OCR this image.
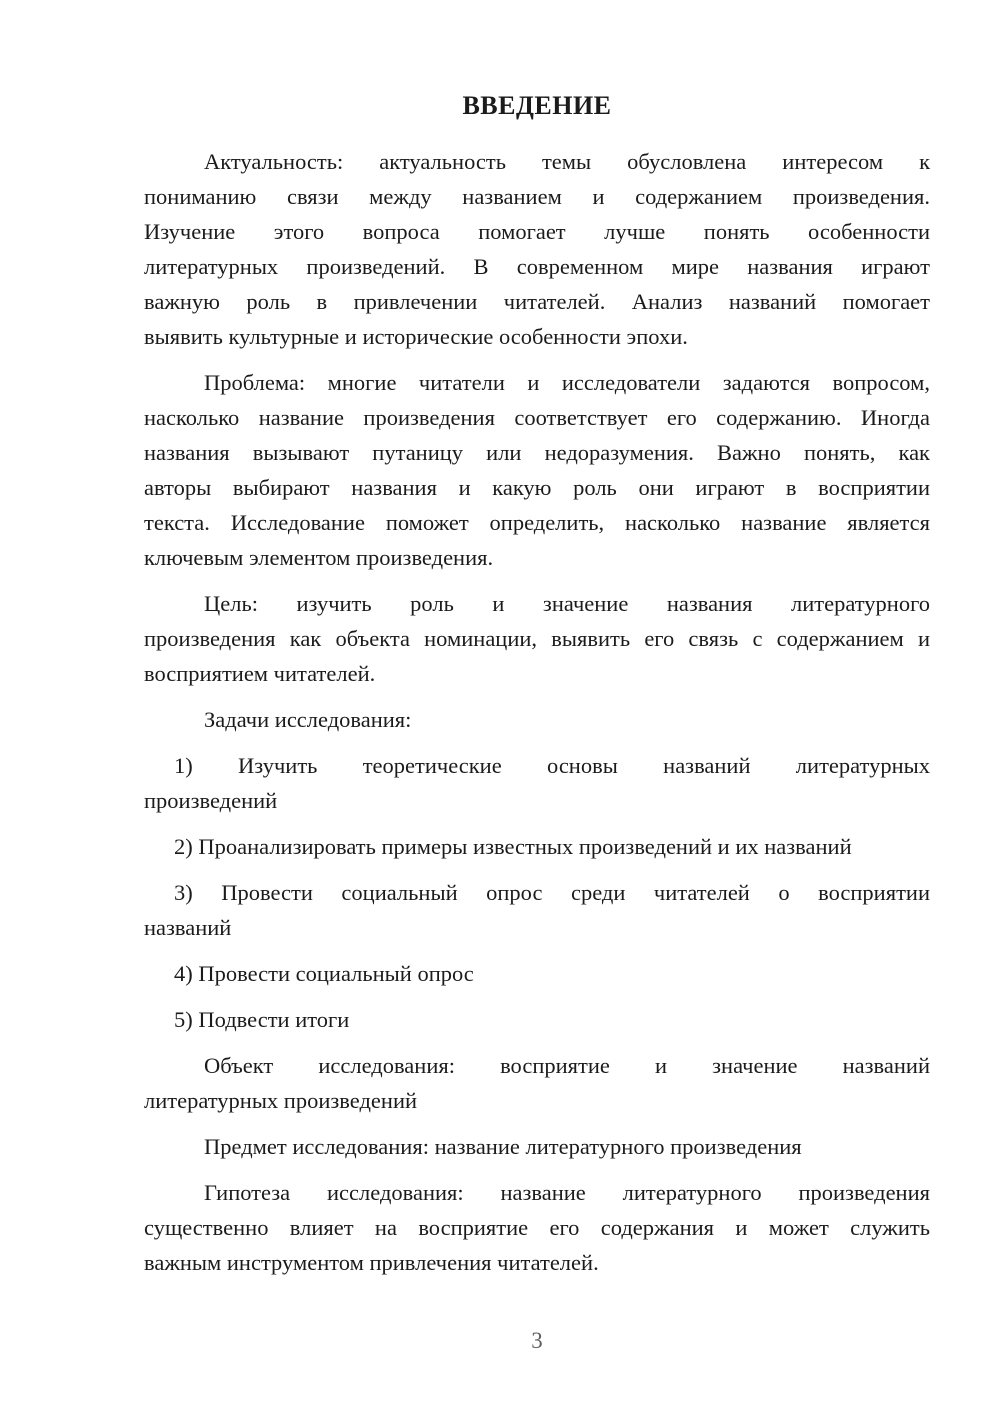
ВВЕДЕНИЕ
Актуальность: актуальность темы обусловлена интересом к
пониманию связи между названием и содержанием произведения.
Изучение этого вопроса помогает лучше понять особенности
литературных произведений. В современном мире названия играют
важную роль в привлечении читателей. Анализ названий помогает
выявить культурные и исторические особенности эпохи.
Проблема: многие читатели и исследователи задаются вопросом,
насколько название произведения соответствует его содержанию. Иногда
названия вызывают путаницу или недоразумения. Важно понять, как
авторы выбирают названия и какую роль они играют в восприятии
текста. Исследование поможет определить, насколько название является
ключевым элементом произведения.
Цель: изучить роль и значение названия литературного
произведения как объекта номинации, выявить его связь с содержанием и
восприятием читателей.
Задачи исследования:
1) Изучить теоретические основы названий литературных
произведений
2) Проанализировать примеры известных произведений и их названий
3) Провести социальный опрос среди читателей о восприятии
названий
4) Провести социальный опрос
5) Подвести итоги
Объект исследования: восприятие и значение названий
литературных произведений
Предмет исследования: название литературного произведения
Гипотеза исследования: название литературного произведения
существенно влияет на восприятие его содержания и может служить
важным инструментом привлечения читателей.
3
